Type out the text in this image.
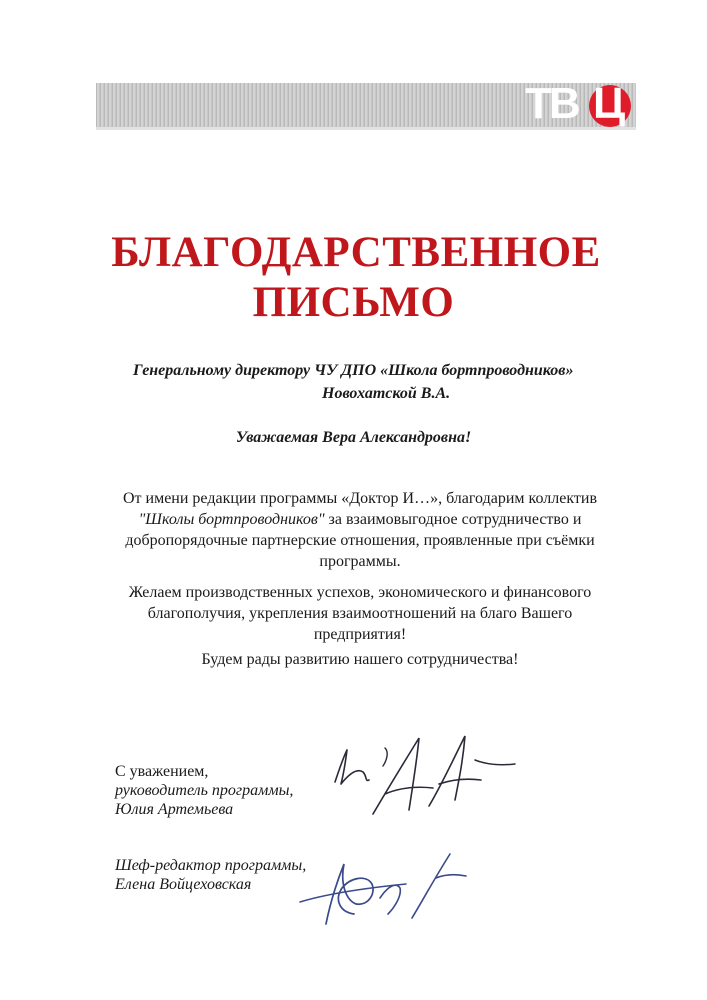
ТВ Ц
БЛАГОДАРСТВЕННОЕ
ПИСЬМО
Генеральному директору ЧУ ДПО «Школа бортпроводников»
Новохатской В.А.
Уважаемая Вера Александровна!
От имени редакции программы «Доктор И…», благодарим коллектив "Школы бортпроводников" за взаимовыгодное сотрудничество и добропорядочные партнерские отношения, проявленные при съёмки программы.
Желаем производственных успехов, экономического и финансового благополучия, укрепления взаимоотношений на благо Вашего предприятия!
Будем рады развитию нашего сотрудничества!
С уважением,
руководитель программы,
Юлия Артемьева
Шеф-редактор программы,
Елена Войцеховская
